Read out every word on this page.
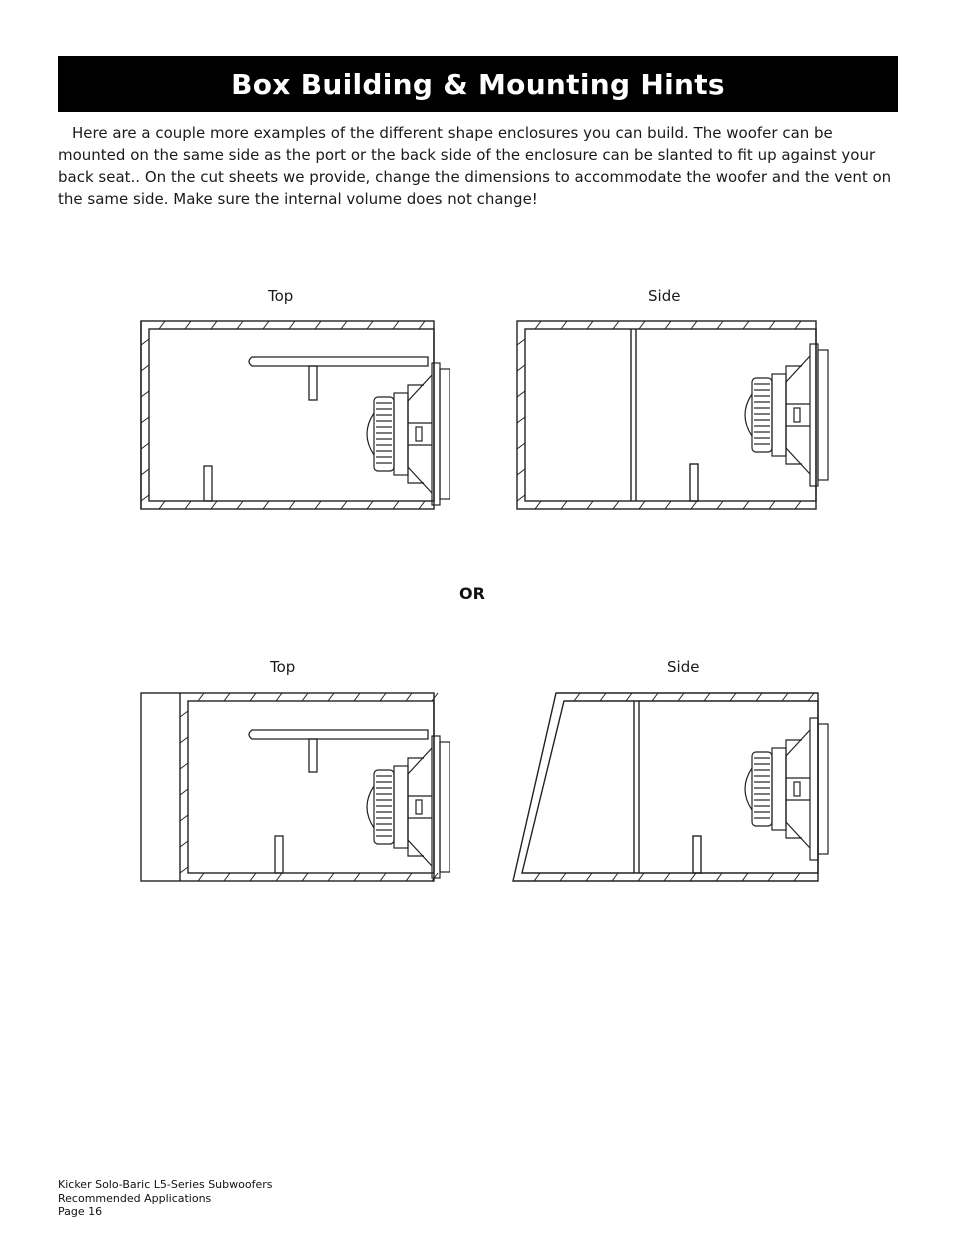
Box Building & Mounting Hints

Here are a couple more examples of the different shape enclosures you can build. The woofer can be mounted on the same side as the port or the back side of the enclosure can be slanted to fit up against your back seat.. On the cut sheets we provide, change the dimensions to accommodate the woofer and the vent on the same side. Make sure the internal volume does not change!

Top	Side
OR
Top	Side
Kicker Solo-Baric L5-Series Subwoofers
Recommended Applications
Page 16
